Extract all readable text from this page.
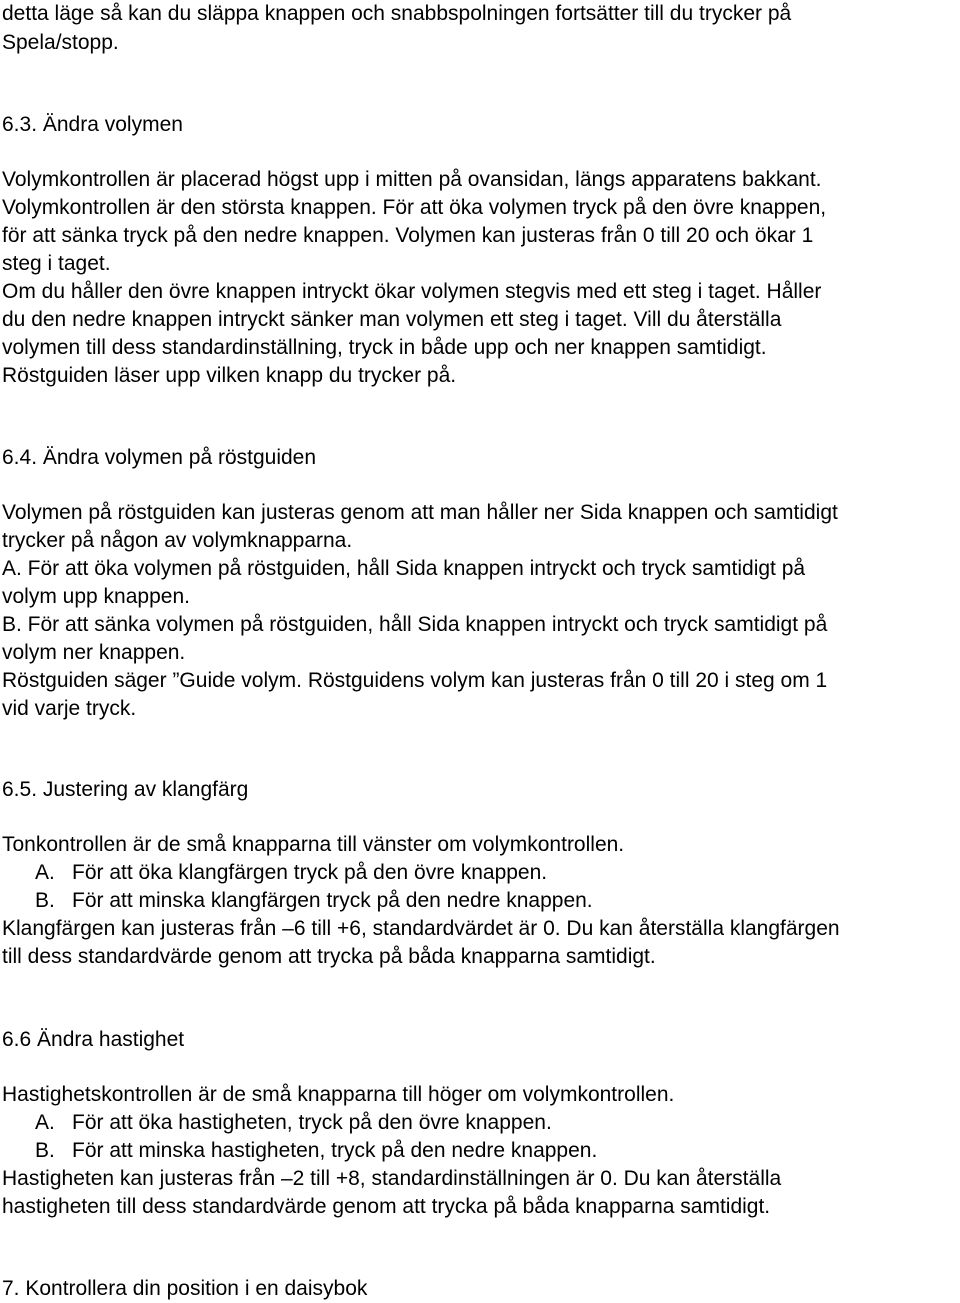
detta läge så kan du släppa knappen och snabbspolningen fortsätter till du trycker på
Spela/stopp.
6.3. Ändra volymen
Volymkontrollen är placerad högst upp i mitten på ovansidan, längs apparatens bakkant.
Volymkontrollen är den största knappen. För att öka volymen tryck på den övre knappen,
för att sänka tryck på den nedre knappen. Volymen kan justeras från 0 till 20 och ökar 1
steg i taget.
Om du håller den övre knappen intryckt ökar volymen stegvis med ett steg i taget. Håller
du den nedre knappen intryckt sänker man volymen ett steg i taget. Vill du återställa
volymen till dess standardinställning, tryck in både upp och ner knappen samtidigt.
Röstguiden läser upp vilken knapp du trycker på.
6.4. Ändra volymen på röstguiden
Volymen på röstguiden kan justeras genom att man håller ner Sida knappen och samtidigt
trycker på någon av volymknapparna.
A. För att öka volymen på röstguiden, håll Sida knappen intryckt och tryck samtidigt på
volym upp knappen.
B. För att sänka volymen på röstguiden, håll Sida knappen intryckt och tryck samtidigt på
volym ner knappen.
Röstguiden säger ”Guide volym. Röstguidens volym kan justeras från 0 till 20 i steg om 1
vid varje tryck.
6.5. Justering av klangfärg
Tonkontrollen är de små knapparna till vänster om volymkontrollen.
A. För att öka klangfärgen tryck på den övre knappen.
B. För att minska klangfärgen tryck på den nedre knappen.
Klangfärgen kan justeras från –6 till +6, standardvärdet är 0. Du kan återställa klangfärgen
till dess standardvärde genom att trycka på båda knapparna samtidigt.
6.6 Ändra hastighet
Hastighetskontrollen är de små knapparna till höger om volymkontrollen.
A. För att öka hastigheten, tryck på den övre knappen.
B. För att minska hastigheten, tryck på den nedre knappen.
Hastigheten kan justeras från –2 till +8, standardinställningen är 0. Du kan återställa
hastigheten till dess standardvärde genom att trycka på båda knapparna samtidigt.
7. Kontrollera din position i en daisybok
